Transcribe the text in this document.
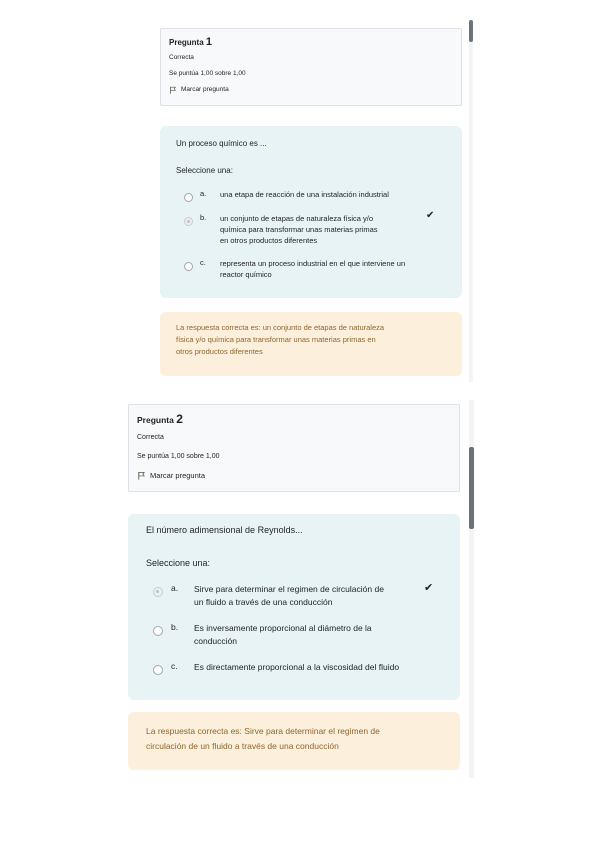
Pregunta 1
Correcta
Se puntúa 1,00 sobre 1,00
Marcar pregunta
Un proceso químico es ...
Seleccione una:
a. una etapa de reacción de una instalación industrial
b. un conjunto de etapas de naturaleza física y/o
química para transformar unas materias primas
en otros productos diferentes
✔
c. representa un proceso industrial en el que interviene un
reactor químico
La respuesta correcta es: un conjunto de etapas de naturaleza
física y/o química para transformar unas materias primas en
otros productos diferentes
Pregunta 2
Correcta
Se puntúa 1,00 sobre 1,00
Marcar pregunta
El número adimensional de Reynolds...
Seleccione una:
a. Sirve para determinar el regimen de circulación de
un fluido a través de una conducción
✔
b. Es inversamente proporcional al diámetro de la
conducción
c. Es directamente proporcional a la viscosidad del fluido
La respuesta correcta es: Sirve para determinar el regimen de
circulación de un fluido a través de una conducción
